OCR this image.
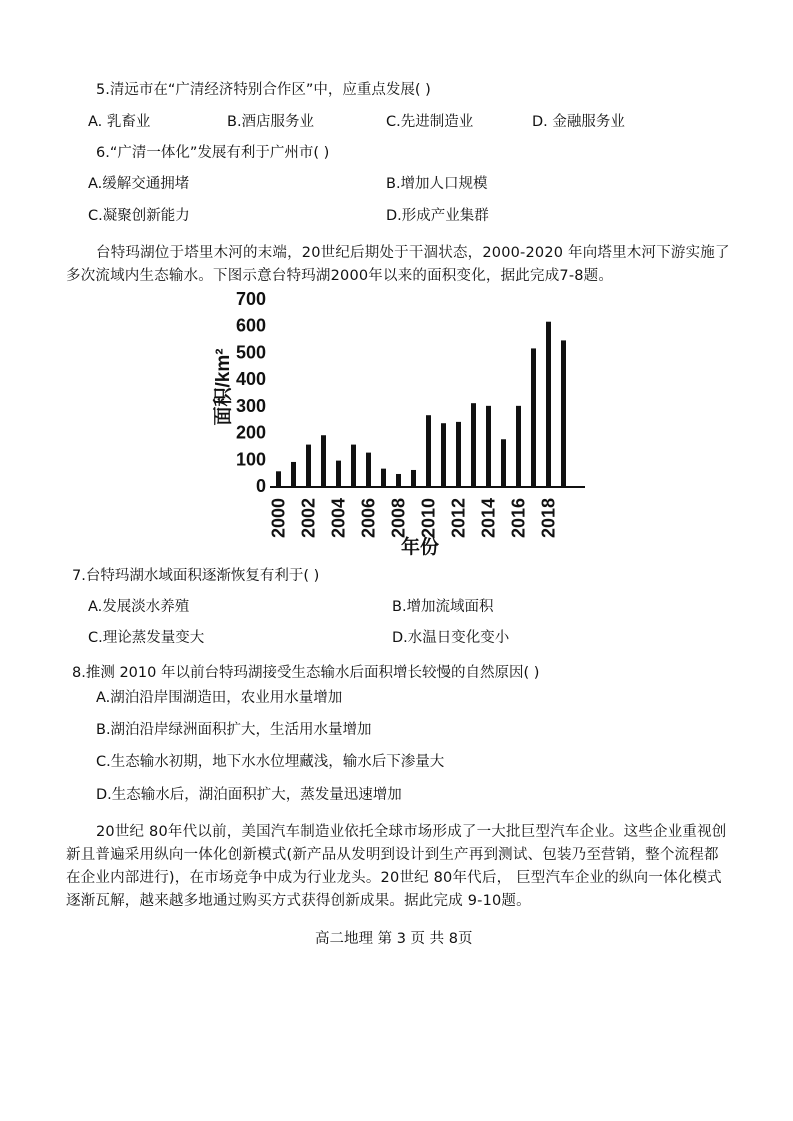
5.清远市在“广清经济特别合作区”中，应重点发展( )
A. 乳畜业	B.酒店服务业	C.先进制造业	D. 金融服务业
6.“广清一体化”发展有利于广州市( )
A.缓解交通拥堵	B.增加人口规模
C.凝聚创新能力	D.形成产业集群
台特玛湖位于塔里木河的末端，20世纪后期处于干涸状态，2000-2020 年向塔里木河下游实施了
多次流域内生态输水。下图示意台特玛湖2000年以来的面积变化，据此完成7-8题。
0
100
200
300
400
500
600
700
2000 2002 2004 2006 2008 2010 2012 2014 2016 2018
面积/km²
年份
7.台特玛湖水域面积逐渐恢复有利于( )
A.发展淡水养殖	B.增加流域面积
C.理论蒸发量变大	D.水温日变化变小
8.推测 2010 年以前台特玛湖接受生态输水后面积增长较慢的自然原因( )
A.湖泊沿岸围湖造田，农业用水量增加
B.湖泊沿岸绿洲面积扩大，生活用水量增加
C.生态输水初期，地下水水位埋藏浅，输水后下渗量大
D.生态输水后，湖泊面积扩大，蒸发量迅速增加
20世纪 80年代以前，美国汽车制造业依托全球市场形成了一大批巨型汽车企业。这些企业重视创
新且普遍采用纵向一体化创新模式(新产品从发明到设计到生产再到测试、包装乃至营销，整个流程都
在企业内部进行)，在市场竞争中成为行业龙头。20世纪 80年代后， 巨型汽车企业的纵向一体化模式
逐渐瓦解，越来越多地通过购买方式获得创新成果。据此完成 9-10题。
高二地理 第 3 页 共 8页
